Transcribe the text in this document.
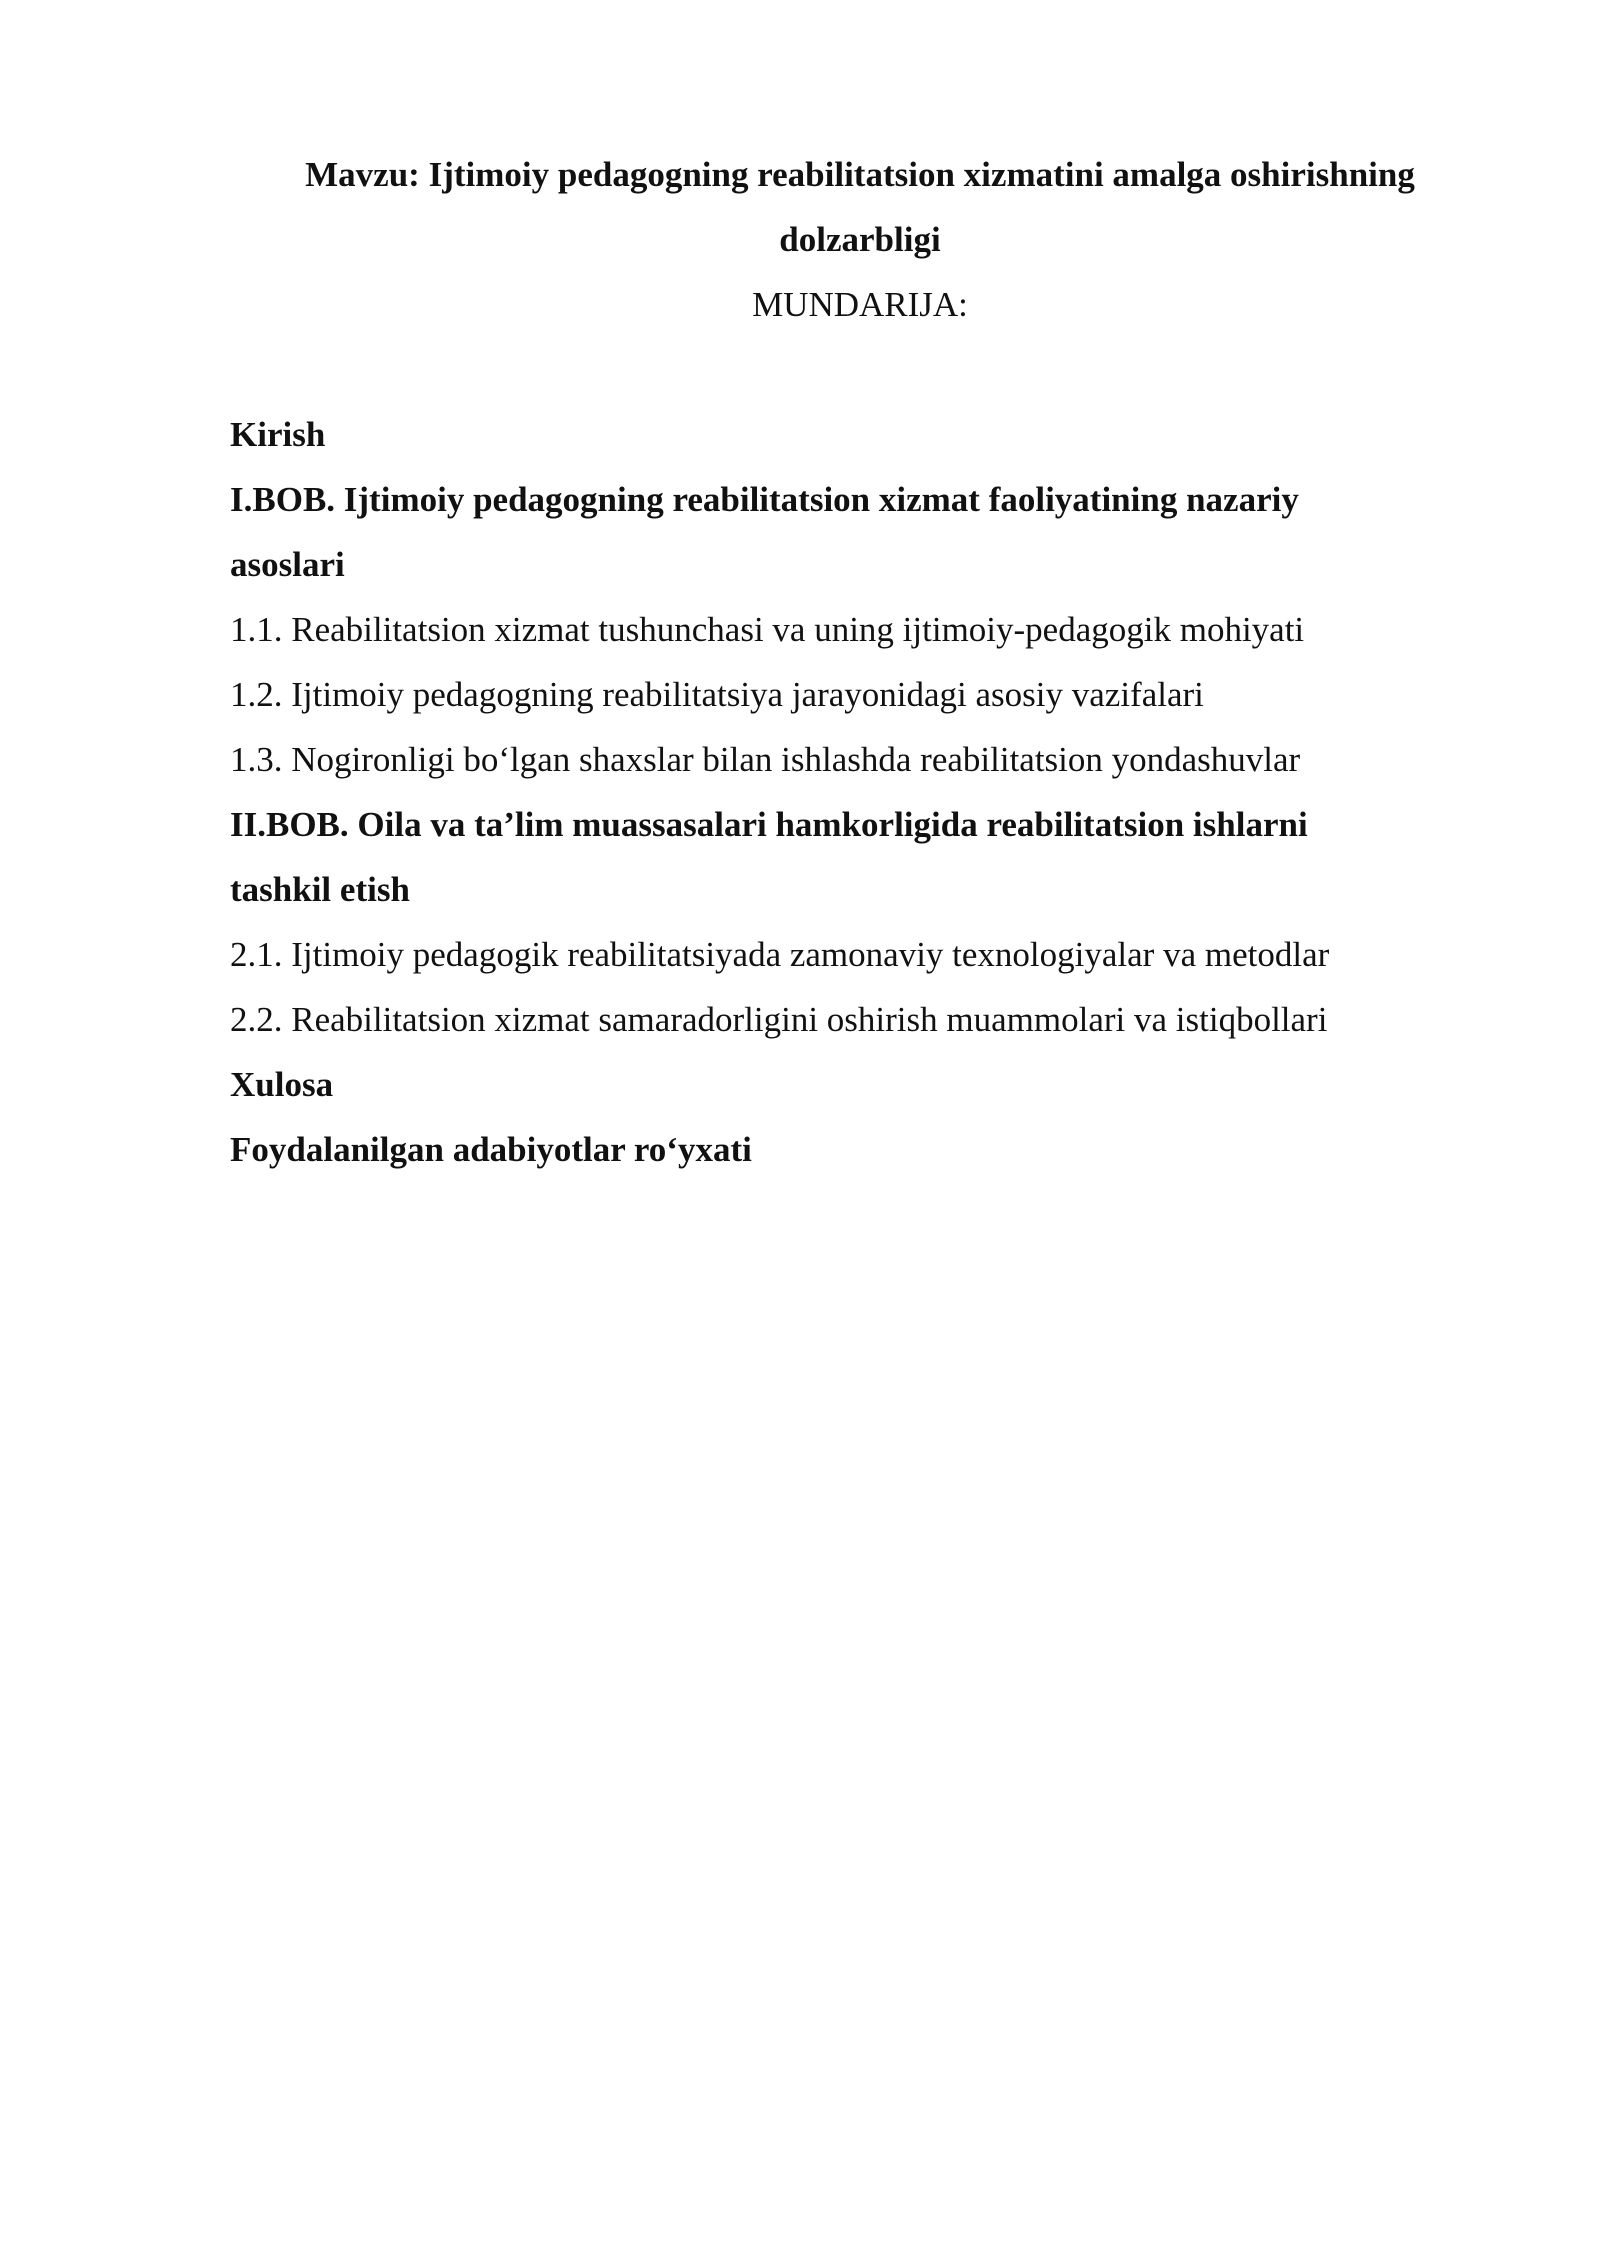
Mavzu: Ijtimoiy pedagogning reabilitatsion xizmatini amalga oshirishning
dolzarbligi
MUNDARIJA:
Kirish
I.BOB. Ijtimoiy pedagogning reabilitatsion xizmat faoliyatining nazariy
asoslari
1.1. Reabilitatsion xizmat tushunchasi va uning ijtimoiy-pedagogik mohiyati
1.2. Ijtimoiy pedagogning reabilitatsiya jarayonidagi asosiy vazifalari
1.3. Nogironligi bo‘lgan shaxslar bilan ishlashda reabilitatsion yondashuvlar
II.BOB. Oila va ta’lim muassasalari hamkorligida reabilitatsion ishlarni
tashkil etish
2.1. Ijtimoiy pedagogik reabilitatsiyada zamonaviy texnologiyalar va metodlar
2.2. Reabilitatsion xizmat samaradorligini oshirish muammolari va istiqbollari
Xulosa
Foydalanilgan adabiyotlar ro‘yxati
